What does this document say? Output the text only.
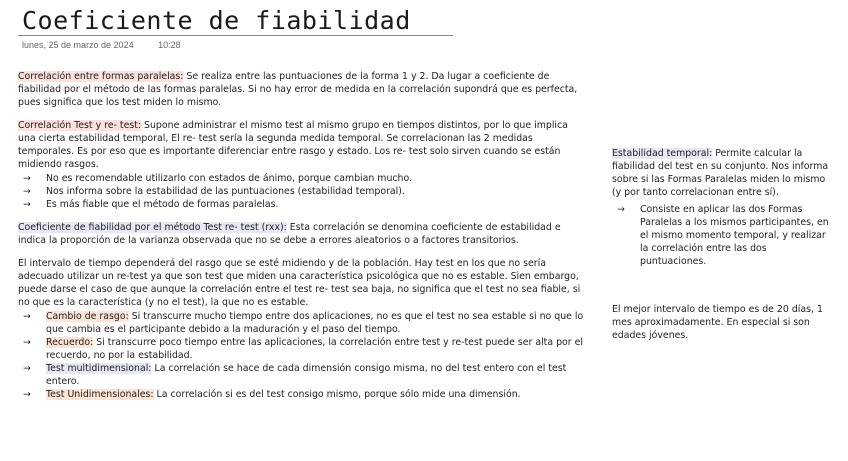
Coeficiente de fiabilidad
lunes, 25 de marzo de 2024	10:28

Correlación entre formas paralelas: Se realiza entre las puntuaciones de la forma 1 y 2. Da lugar a coeficiente de fiabilidad por el método de las formas paralelas. Si no hay error de medida en la correlación supondrá que es perfecta, pues significa que los test miden lo mismo.

Correlación Test y re- test: Supone administrar el mismo test al mismo grupo en tiempos distintos, por lo que implica una cierta estabilidad temporal, El re- test sería la segunda medida temporal. Se correlacionan las 2 medidas temporales. Es por eso que es importante diferenciar entre rasgo y estado. Los re- test solo sirven cuando se están midiendo rasgos.

→ No es recomendable utilizarlo con estados de ánimo, porque cambian mucho.
→ Nos informa sobre la estabilidad de las puntuaciones (estabilidad temporal).
→ Es más fiable que el método de formas paralelas.

Coeficiente de fiabilidad por el método Test re- test (rxx): Esta correlación se denomina coeficiente de estabilidad e indica la proporción de la varianza observada que no se debe a errores aleatorios o a factores transitorios.

El intervalo de tiempo dependerá del rasgo que se esté midiendo y de la población. Hay test en los que no sería adecuado utilizar un re-test ya que son test que miden una característica psicológica que no es estable. Sien embargo, puede darse el caso de que aunque la correlación entre el test re- test sea baja, no significa que el test no sea fiable, si no que es la característica (y no el test), la que no es estable.

→ Cambio de rasgo: Si transcurre mucho tiempo entre dos aplicaciones, no es que el test no sea estable si no que lo que cambia es el participante debido a la maduración y el paso del tiempo.
→ Recuerdo: Si transcurre poco tiempo entre las aplicaciones, la correlación entre test y re-test puede ser alta por el recuerdo, no por la estabilidad.
→ Test multidimensional: La correlación se hace de cada dimensión consigo misma, no del test entero con el test entero.
→ Test Unidimensionales: La correlación si es del test consigo mismo, porque sólo mide una dimensión.

Estabilidad temporal: Permite calcular la fiabilidad del test en su conjunto. Nos informa sobre si las Formas Paralelas miden lo mismo (y por tanto correlacionan entre sí).

→ Consiste en aplicar las dos Formas Paralelas a los mismos participantes, en el mismo momento temporal, y realizar la correlación entre las dos puntuaciones.

El mejor intervalo de tiempo es de 20 días, 1 mes aproximadamente. En especial si son edades jóvenes.
